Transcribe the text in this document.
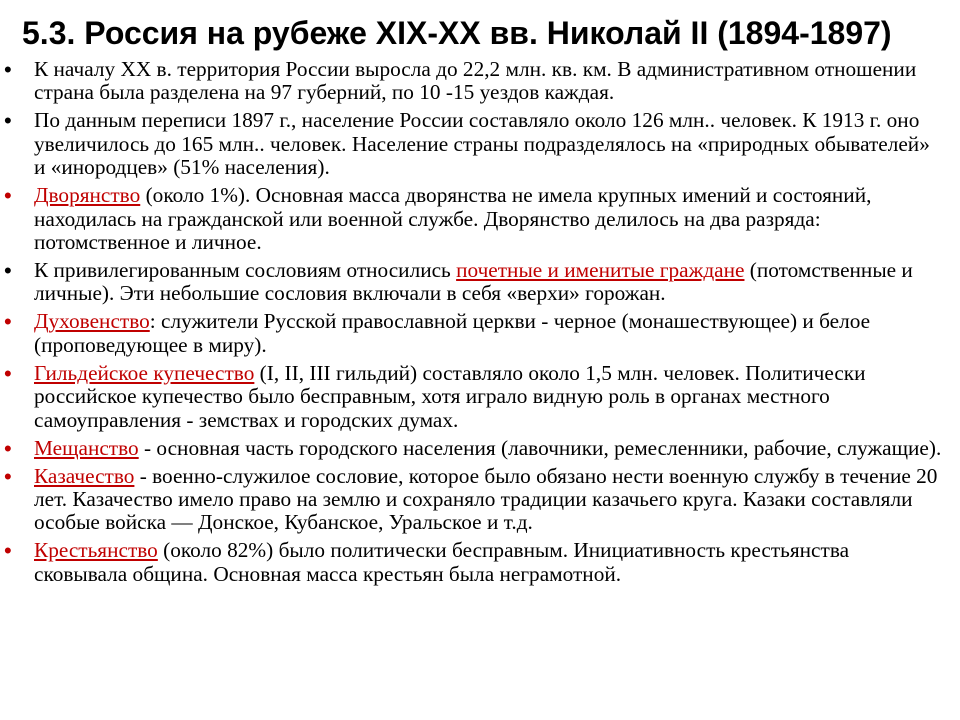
5.3. Россия на рубеже XIX-XX вв. Николай II (1894-1897)
• К началу XX в. территория России выросла до 22,2 млн. кв. км. В административном отношении страна была разделена на 97 губерний, по 10 -15 уездов каждая.
• По данным переписи 1897 г., население России составляло около 126 млн.. человек. К 1913 г. оно увеличилось до 165 млн.. человек. Население страны подразделялось на «природных обывателей» и «инородцев» (51% населения).
• Дворянство (около 1%). Основная масса дворянства не имела крупных имений и состояний, находилась на гражданской или военной службе. Дворянство делилось на два разряда: потомственное и личное.
• К привилегированным сословиям относились почетные и именитые граждане (потомственные и личные). Эти небольшие сословия включали в себя «верхи» горожан.
• Духовенство: служители Русской православной церкви - черное (монашествующее) и белое (проповедующее в миру).
• Гильдейское купечество (I, II, III гильдий) составляло около 1,5 млн. человек. Политически российское купечество было бесправным, хотя играло видную роль в органах местного самоуправления - земствах и городских думах.
• Мещанство - основная часть городского населения (лавочники, ремесленники, рабочие, служащие).
• Казачество - военно-служилое сословие, которое было обязано нести военную службу в течение 20 лет. Казачество имело право на землю и сохраняло традиции казачьего круга. Казаки составляли особые войска — Донское, Кубанское, Уральское и т.д.
• Крестьянство (около 82%) было политически бесправным. Инициативность крестьянства сковывала община. Основная масса крестьян была неграмотной.
